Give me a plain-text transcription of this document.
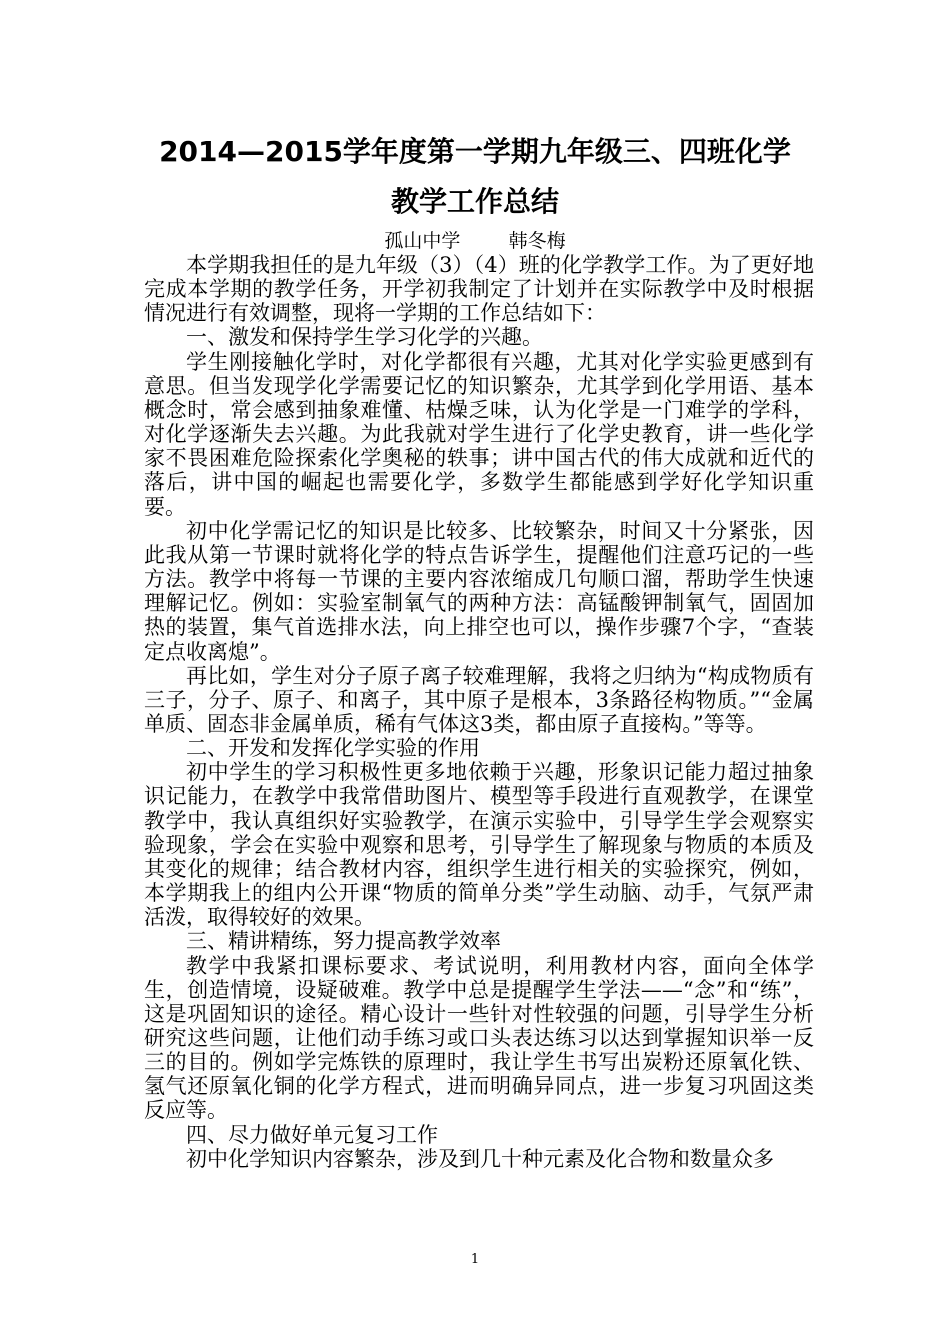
2014—2015学年度第一学期九年级三、四班化学
教学工作总结
孤山中学        韩冬梅

本学期我担任的是九年级（3）（4）班的化学教学工作。为了更好地完成本学期的教学任务，开学初我制定了计划并在实际教学中及时根据情况进行有效调整，现将一学期的工作总结如下：

一、激发和保持学生学习化学的兴趣。

学生刚接触化学时，对化学都很有兴趣，尤其对化学实验更感到有意思。但当发现学化学需要记忆的知识繁杂，尤其学到化学用语、基本概念时，常会感到抽象难懂、枯燥乏味，认为化学是一门难学的学科，对化学逐渐失去兴趣。为此我就对学生进行了化学史教育，讲一些化学家不畏困难危险探索化学奥秘的轶事；讲中国古代的伟大成就和近代的落后，讲中国的崛起也需要化学，多数学生都能感到学好化学知识重要。

初中化学需记忆的知识是比较多、比较繁杂，时间又十分紧张，因此我从第一节课时就将化学的特点告诉学生，提醒他们注意巧记的一些方法。教学中将每一节课的主要内容浓缩成几句顺口溜，帮助学生快速理解记忆。例如：实验室制氧气的两种方法：高锰酸钾制氧气，固固加热的装置，集气首选排水法，向上排空也可以，操作步骤7个字，“查装定点收离熄”。

再比如，学生对分子原子离子较难理解，我将之归纳为“构成物质有三子，分子、原子、和离子，其中原子是根本，3条路径构物质。”“金属单质、固态非金属单质，稀有气体这3类，都由原子直接构。”等等。

二、开发和发挥化学实验的作用

初中学生的学习积极性更多地依赖于兴趣，形象识记能力超过抽象识记能力，在教学中我常借助图片、模型等手段进行直观教学，在课堂教学中，我认真组织好实验教学，在演示实验中，引导学生学会观察实验现象，学会在实验中观察和思考，引导学生了解现象与物质的本质及其变化的规律；结合教材内容，组织学生进行相关的实验探究，例如，本学期我上的组内公开课“物质的简单分类”学生动脑、动手，气氛严肃活泼，取得较好的效果。

三、精讲精练，努力提高教学效率

教学中我紧扣课标要求、考试说明，利用教材内容，面向全体学生，创造情境，设疑破难。教学中总是提醒学生学法——“念”和“练”，这是巩固知识的途径。精心设计一些针对性较强的问题，引导学生分析研究这些问题，让他们动手练习或口头表达练习以达到掌握知识举一反三的目的。例如学完炼铁的原理时，我让学生书写出炭粉还原氧化铁、氢气还原氧化铜的化学方程式，进而明确异同点，进一步复习巩固这类反应等。

四、尽力做好单元复习工作

初中化学知识内容繁杂，涉及到几十种元素及化合物和数量众多

1
